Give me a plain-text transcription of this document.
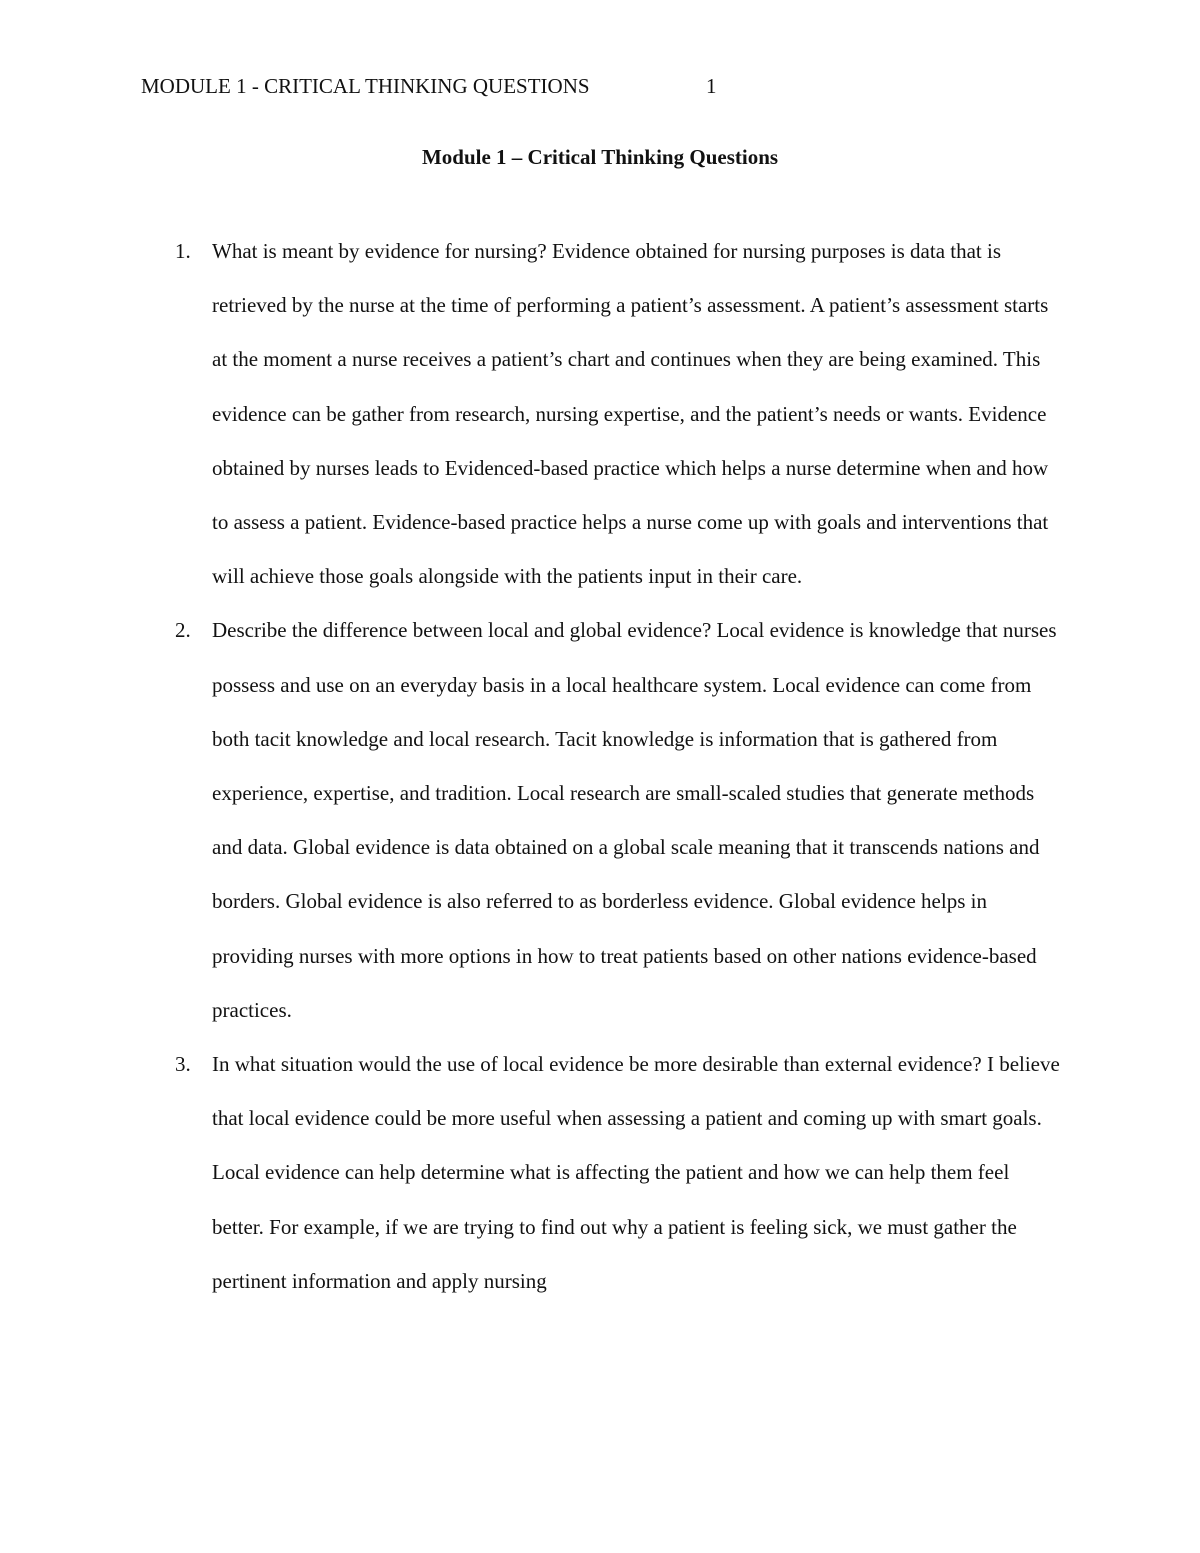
MODULE 1 - CRITICAL THINKING QUESTIONS	1
Module 1 – Critical Thinking Questions
1. What is meant by evidence for nursing? Evidence obtained for nursing purposes is data that is retrieved by the nurse at the time of performing a patient’s assessment. A patient’s assessment starts at the moment a nurse receives a patient’s chart and continues when they are being examined. This evidence can be gather from research, nursing expertise, and the patient’s needs or wants. Evidence obtained by nurses leads to Evidenced-based practice which helps a nurse determine when and how to assess a patient. Evidence-based practice helps a nurse come up with goals and interventions that will achieve those goals alongside with the patients input in their care.
2. Describe the difference between local and global evidence? Local evidence is knowledge that nurses possess and use on an everyday basis in a local healthcare system. Local evidence can come from both tacit knowledge and local research. Tacit knowledge is information that is gathered from experience, expertise, and tradition. Local research are small-scaled studies that generate methods and data. Global evidence is data obtained on a global scale meaning that it transcends nations and borders. Global evidence is also referred to as borderless evidence. Global evidence helps in providing nurses with more options in how to treat patients based on other nations evidence-based practices.
3. In what situation would the use of local evidence be more desirable than external evidence? I believe that local evidence could be more useful when assessing a patient and coming up with smart goals. Local evidence can help determine what is affecting the patient and how we can help them feel better. For example, if we are trying to find out why a patient is feeling sick, we must gather the pertinent information and apply nursing
